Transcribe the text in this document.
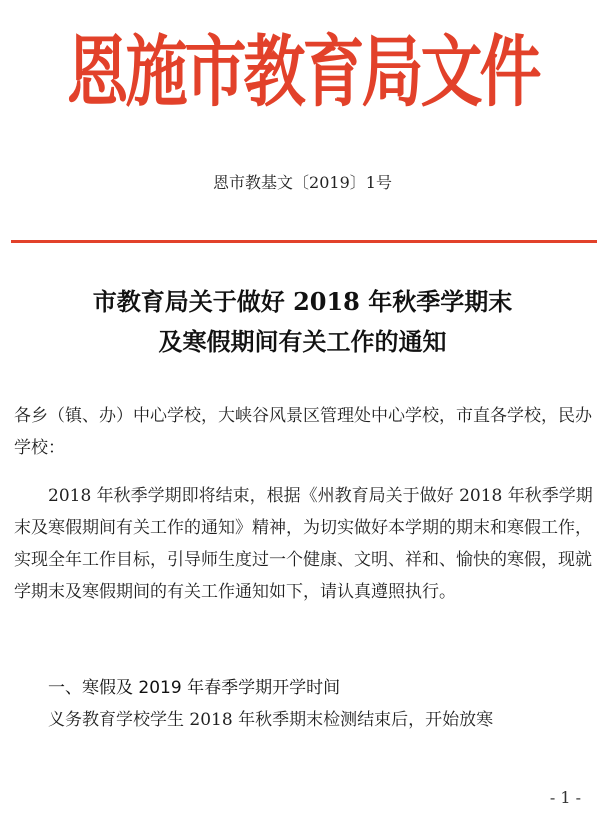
恩施市教育局文件
恩市教基文〔2019〕1号
市教育局关于做好 2018 年秋季学期末
及寒假期间有关工作的通知
各乡（镇、办）中心学校，大峡谷风景区管理处中心学校，市直各学校，民办学校：
2018 年秋季学期即将结束，根据《州教育局关于做好 2018 年秋季学期末及寒假期间有关工作的通知》精神，为切实做好本学期的期末和寒假工作，实现全年工作目标，引导师生度过一个健康、文明、祥和、愉快的寒假，现就学期末及寒假期间的有关工作通知如下，请认真遵照执行。
一、寒假及 2019 年春季学期开学时间
义务教育学校学生 2018 年秋季期末检测结束后，开始放寒
- 1 -
